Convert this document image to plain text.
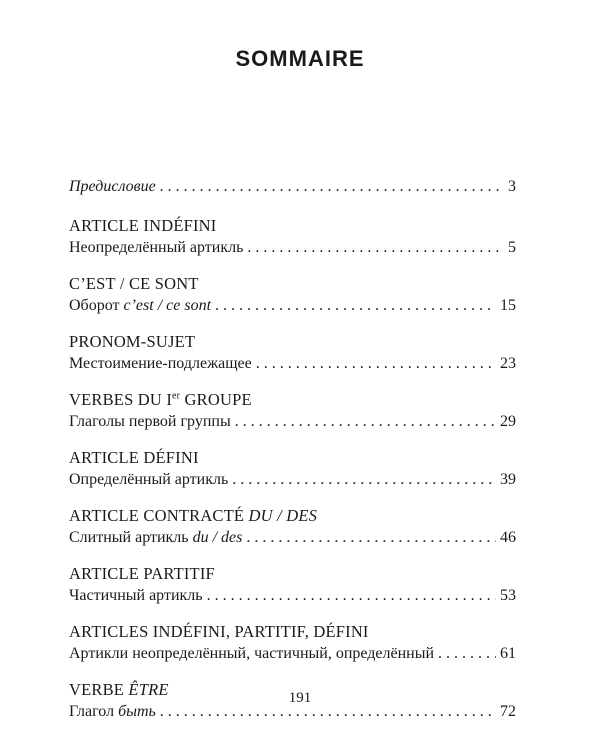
SOMMAIRE
Предисловие . . .	3
ARTICLE INDÉFINI
Неопределённый артикль . . .	5
C’EST / CE SONT
Оборот c’est / ce sont . . .	15
PRONOM-SUJET
Местоимение-подлежащее . . .	23
VERBES DU Ier GROUPE
Глаголы первой группы . . .	29
ARTICLE DÉFINI
Определённый артикль . . .	39
ARTICLE CONTRACTÉ DU / DES
Слитный артикль du / des . . .	46
ARTICLE PARTITIF
Частичный артикль . . .	53
ARTICLES INDÉFINI, PARTITIF, DÉFINI
Артикли неопределённый, частичный, определённый . . .	61
VERBE ÊTRE
Глагол быть . . .	72
191
